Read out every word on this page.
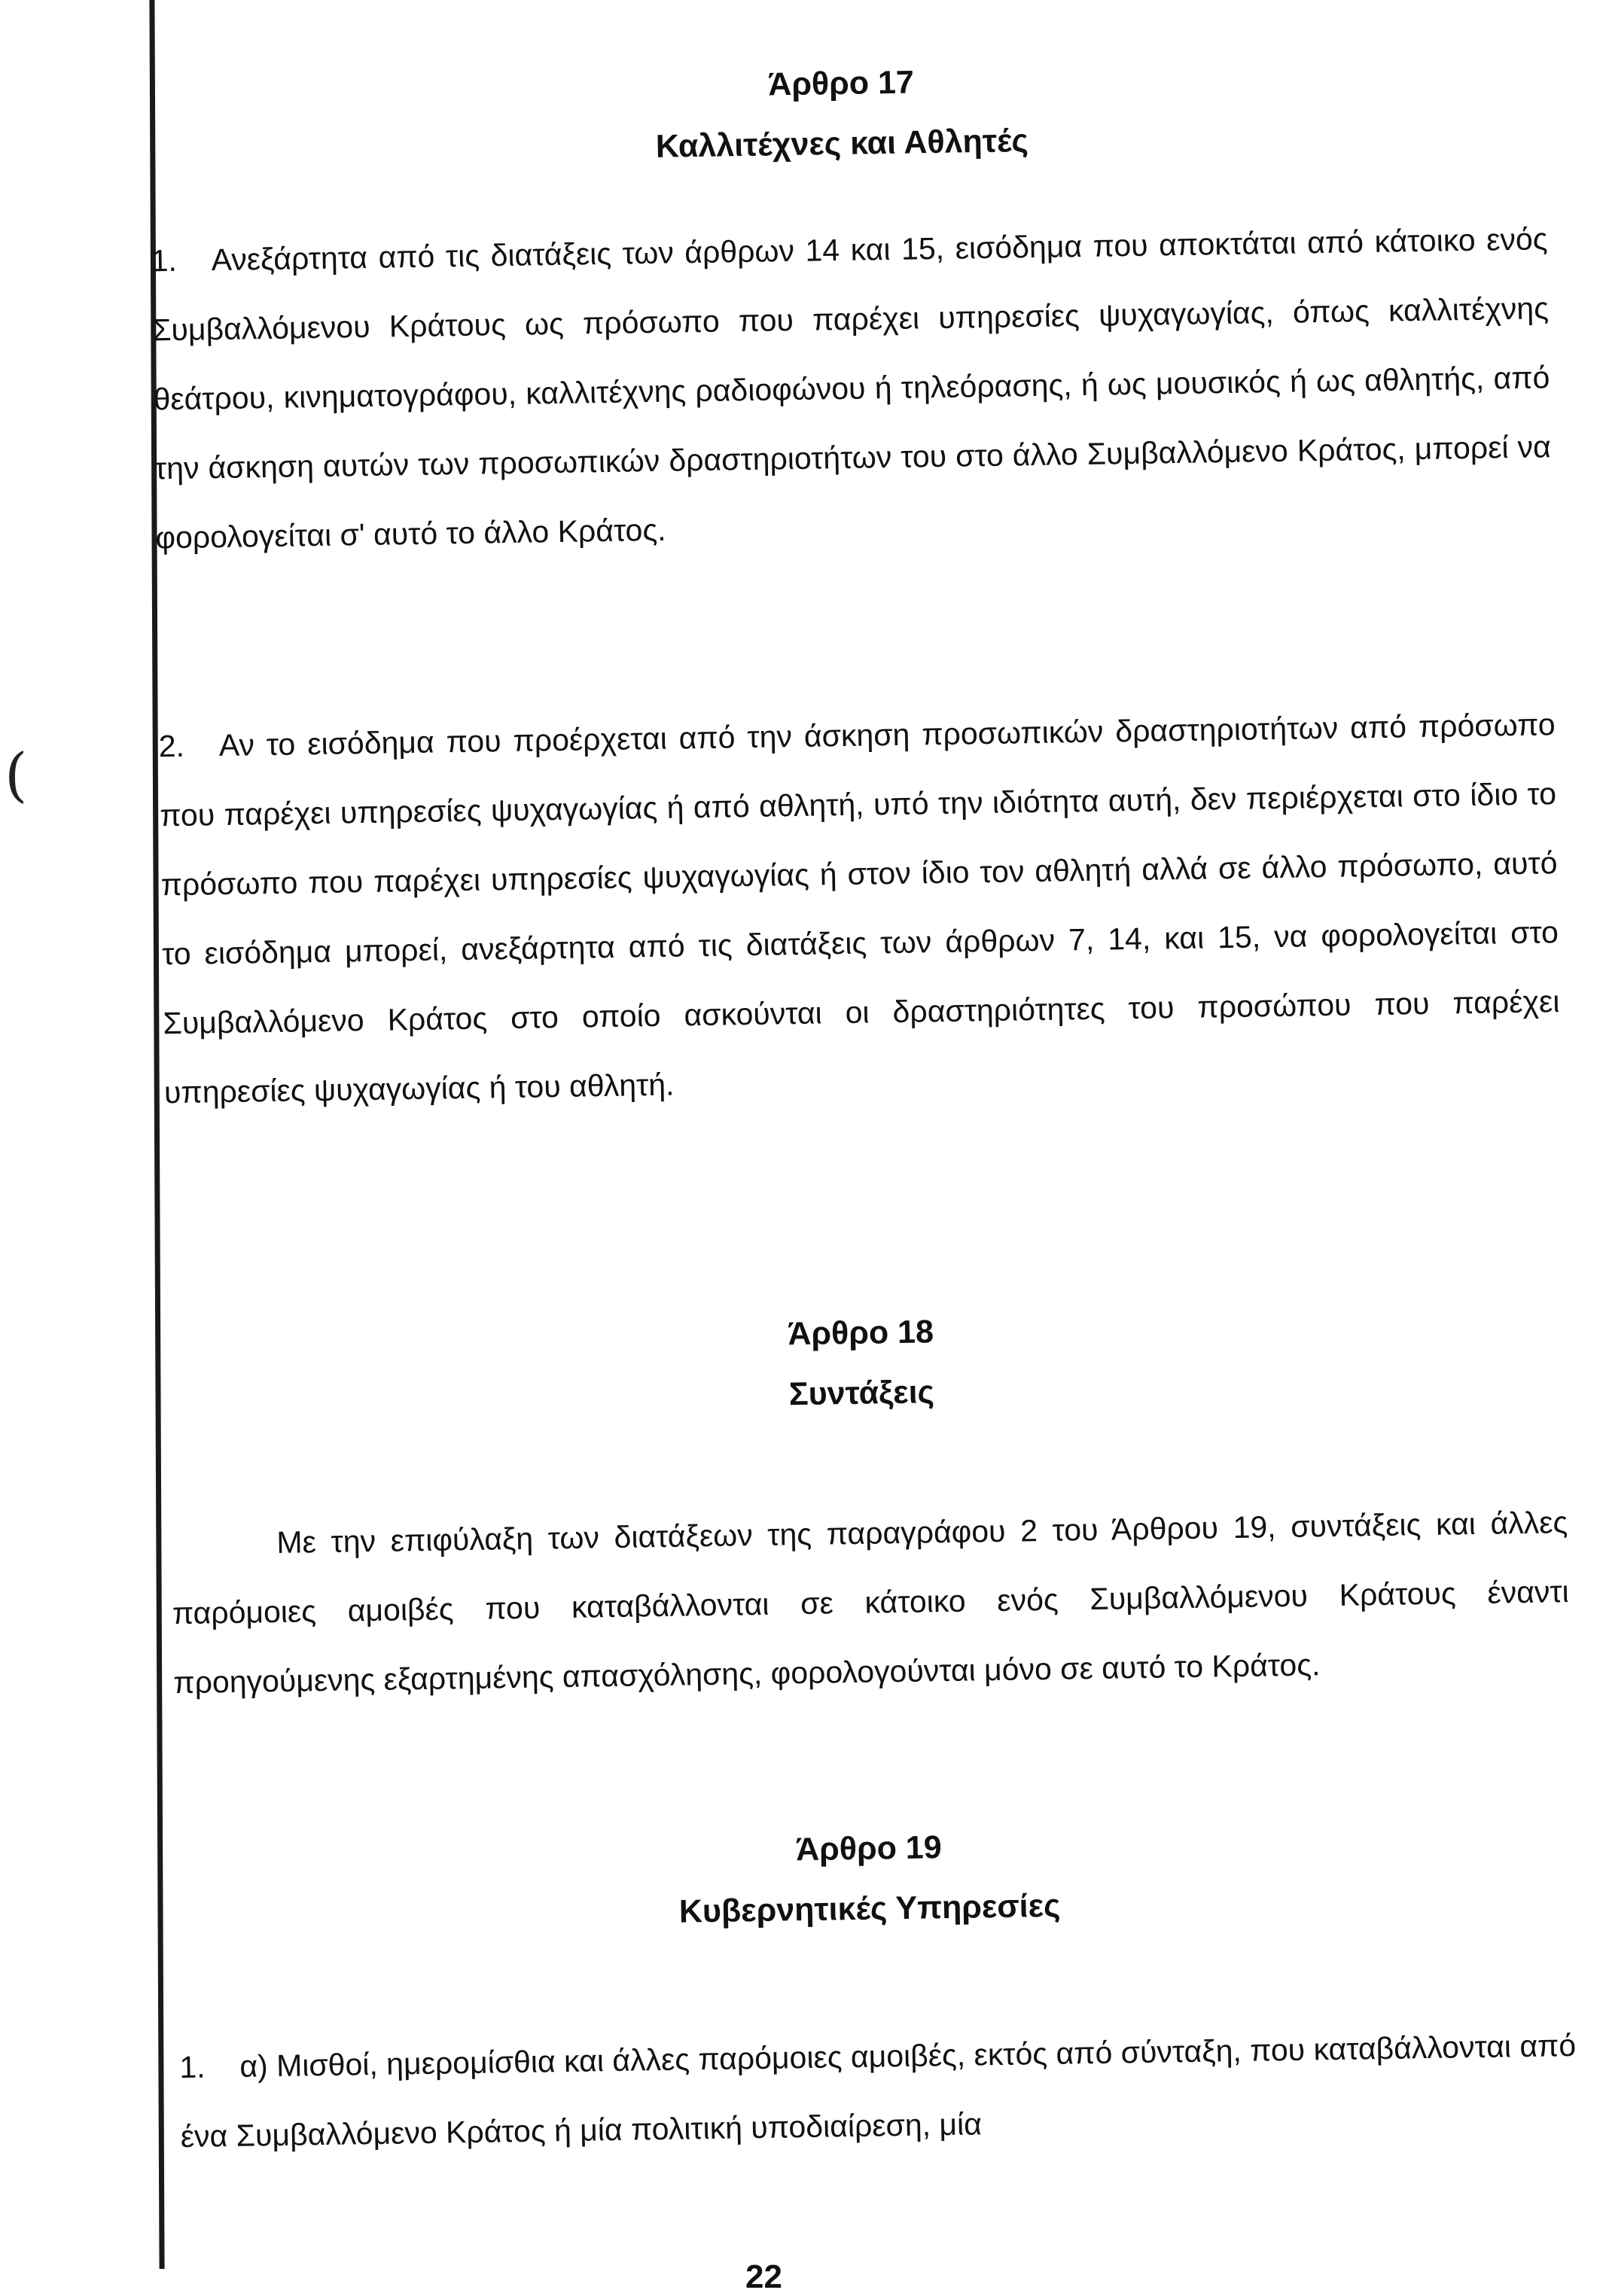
(
Άρθρο 17
Καλλιτέχνες και Αθλητές
1. Ανεξάρτητα από τις διατάξεις των άρθρων 14 και 15, εισόδημα που αποκτάται από κάτοικο ενός Συμβαλλόμενου Κράτους ως πρόσωπο που παρέχει υπηρεσίες ψυχαγωγίας, όπως καλλιτέχνης θεάτρου, κινηματογράφου, καλλιτέχνης ραδιοφώνου ή τηλεόρασης, ή ως μουσικός ή ως αθλητής, από την άσκηση αυτών των προσωπικών δραστηριοτήτων του στο άλλο Συμβαλλόμενο Κράτος, μπορεί να φορολογείται σ' αυτό το άλλο Κράτος.
2. Αν το εισόδημα που προέρχεται από την άσκηση προσωπικών δραστηριοτήτων από πρόσωπο που παρέχει υπηρεσίες ψυχαγωγίας ή από αθλητή, υπό την ιδιότητα αυτή, δεν περιέρχεται στο ίδιο το πρόσωπο που παρέχει υπηρεσίες ψυχαγωγίας ή στον ίδιο τον αθλητή αλλά σε άλλο πρόσωπο, αυτό το εισόδημα μπορεί, ανεξάρτητα από τις διατάξεις των άρθρων 7, 14, και 15, να φορολογείται στο Συμβαλλόμενο Κράτος στο οποίο ασκούνται οι δραστηριότητες του προσώπου που παρέχει υπηρεσίες ψυχαγωγίας ή του αθλητή.
Άρθρο 18
Συντάξεις
Με την επιφύλαξη των διατάξεων της παραγράφου 2 του Άρθρου 19, συντάξεις και άλλες παρόμοιες αμοιβές που καταβάλλονται σε κάτοικο ενός Συμβαλλόμενου Κράτους έναντι προηγούμενης εξαρτημένης απασχόλησης, φορολογούνται μόνο σε αυτό το Κράτος.
Άρθρο 19
Κυβερνητικές Υπηρεσίες
1. α) Μισθοί, ημερομίσθια και άλλες παρόμοιες αμοιβές, εκτός από σύνταξη, που καταβάλλονται από ένα Συμβαλλόμενο Κράτος ή μία πολιτική υποδιαίρεση, μία
22
